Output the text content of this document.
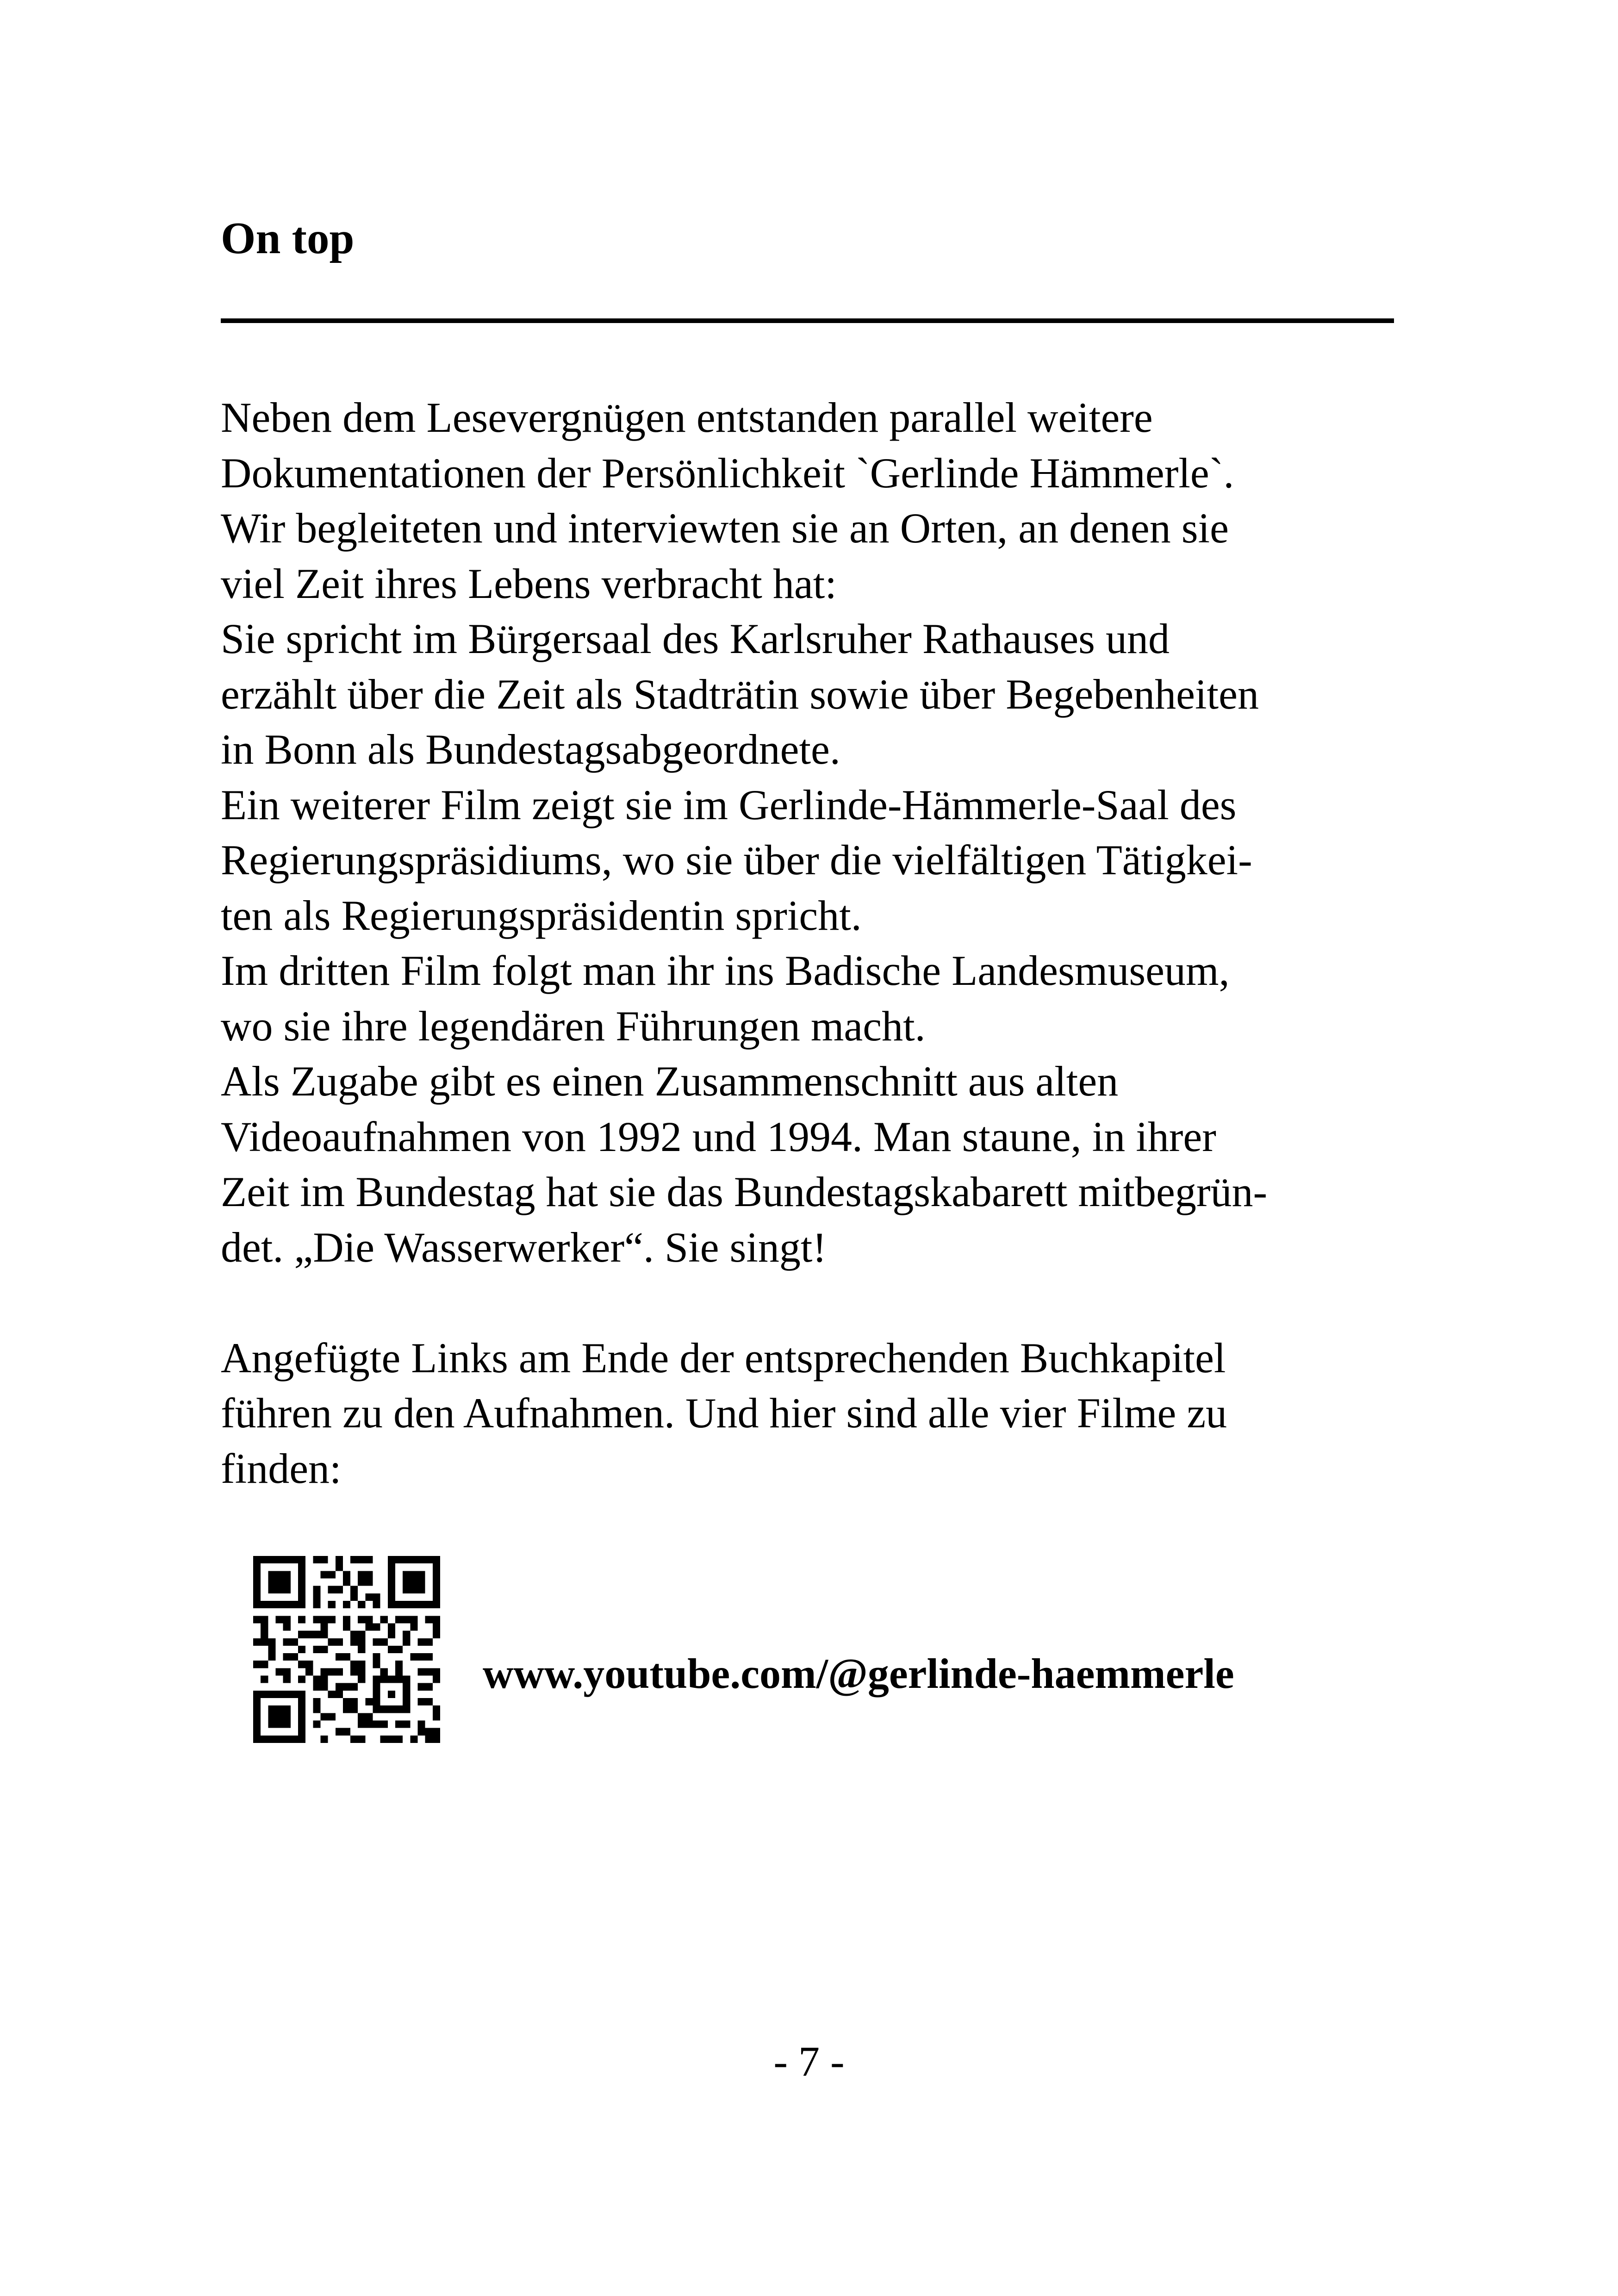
On top
Neben dem Lesevergnügen entstanden parallel weitere
Dokumentationen der Persönlichkeit `Gerlinde Hämmerle`.
Wir begleiteten und interviewten sie an Orten, an denen sie
viel Zeit ihres Lebens verbracht hat:
Sie spricht im Bürgersaal des Karlsruher Rathauses und
erzählt über die Zeit als Stadträtin sowie über Begebenheiten
in Bonn als Bundestagsabgeordnete.
Ein weiterer Film zeigt sie im Gerlinde-Hämmerle-Saal des
Regierungspräsidiums, wo sie über die vielfältigen Tätigkei-
ten als Regierungspräsidentin spricht.
Im dritten Film folgt man ihr ins Badische Landesmuseum,
wo sie ihre legendären Führungen macht.
Als Zugabe gibt es einen Zusammenschnitt aus alten
Videoaufnahmen von 1992 und 1994. Man staune, in ihrer
Zeit im Bundestag hat sie das Bundestagskabarett mitbegrün-
det. „Die Wasserwerker“. Sie singt!
Angefügte Links am Ende der entsprechenden Buchkapitel
führen zu den Aufnahmen. Und hier sind alle vier Filme zu
finden:
www.youtube.com/@gerlinde-haemmerle
- 7 -
